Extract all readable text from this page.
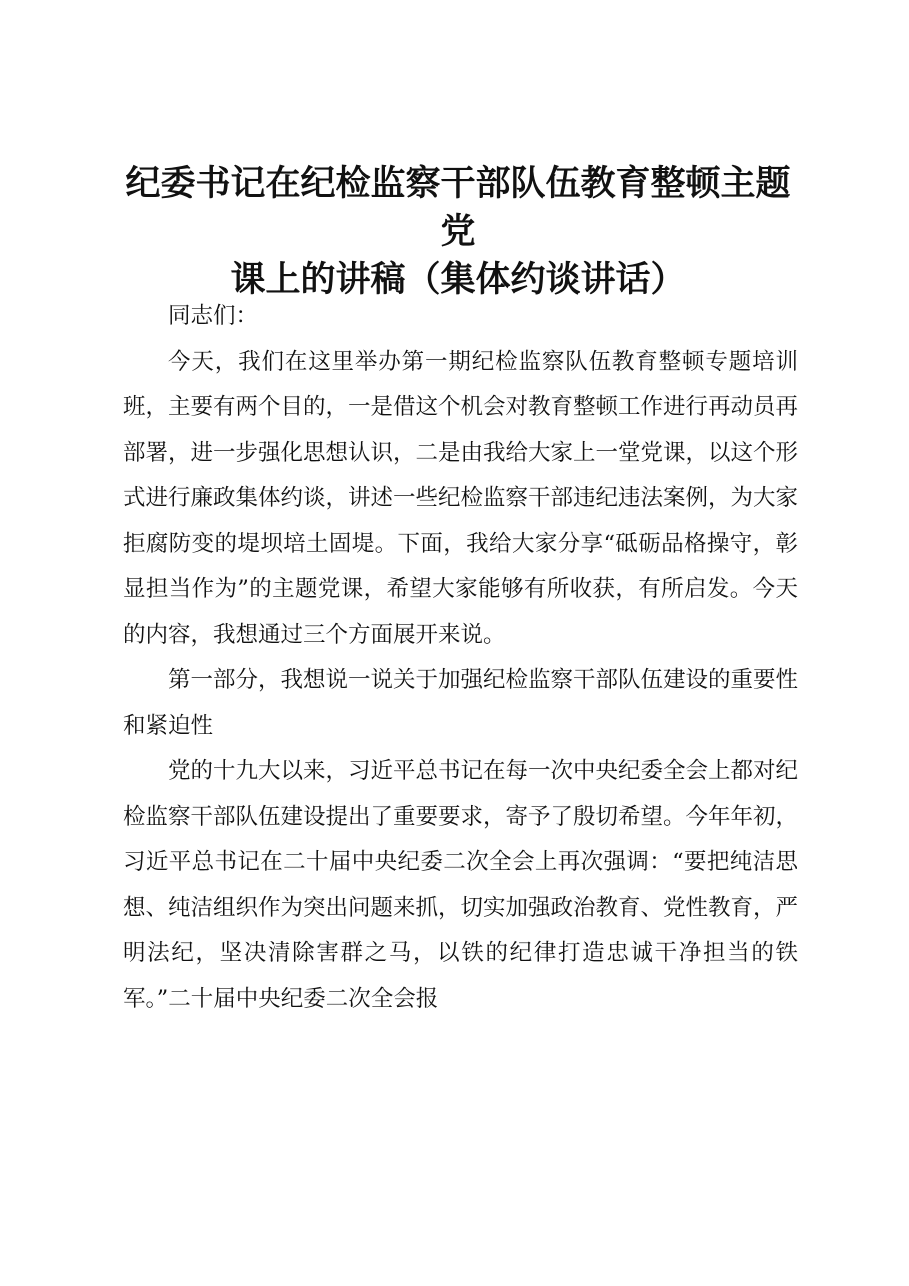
纪委书记在纪检监察干部队伍教育整顿主题党
课上的讲稿（集体约谈讲话）

同志们：

今天，我们在这里举办第一期纪检监察队伍教育整顿专题培训班，主要有两个目的，一是借这个机会对教育整顿工作进行再动员再部署，进一步强化思想认识，二是由我给大家上一堂党课，以这个形式进行廉政集体约谈，讲述一些纪检监察干部违纪违法案例，为大家拒腐防变的堤坝培土固堤。下面，我给大家分享“砥砺品格操守，彰显担当作为”的主题党课，希望大家能够有所收获，有所启发。今天的内容，我想通过三个方面展开来说。

第一部分，我想说一说关于加强纪检监察干部队伍建设的重要性和紧迫性

党的十九大以来，习近平总书记在每一次中央纪委全会上都对纪检监察干部队伍建设提出了重要要求，寄予了殷切希望。今年年初，习近平总书记在二十届中央纪委二次全会上再次强调：“要把纯洁思想、纯洁组织作为突出问题来抓，切实加强政治教育、党性教育，严明法纪，坚决清除害群之马，以铁的纪律打造忠诚干净担当的铁军。”二十届中央纪委二次全会报
